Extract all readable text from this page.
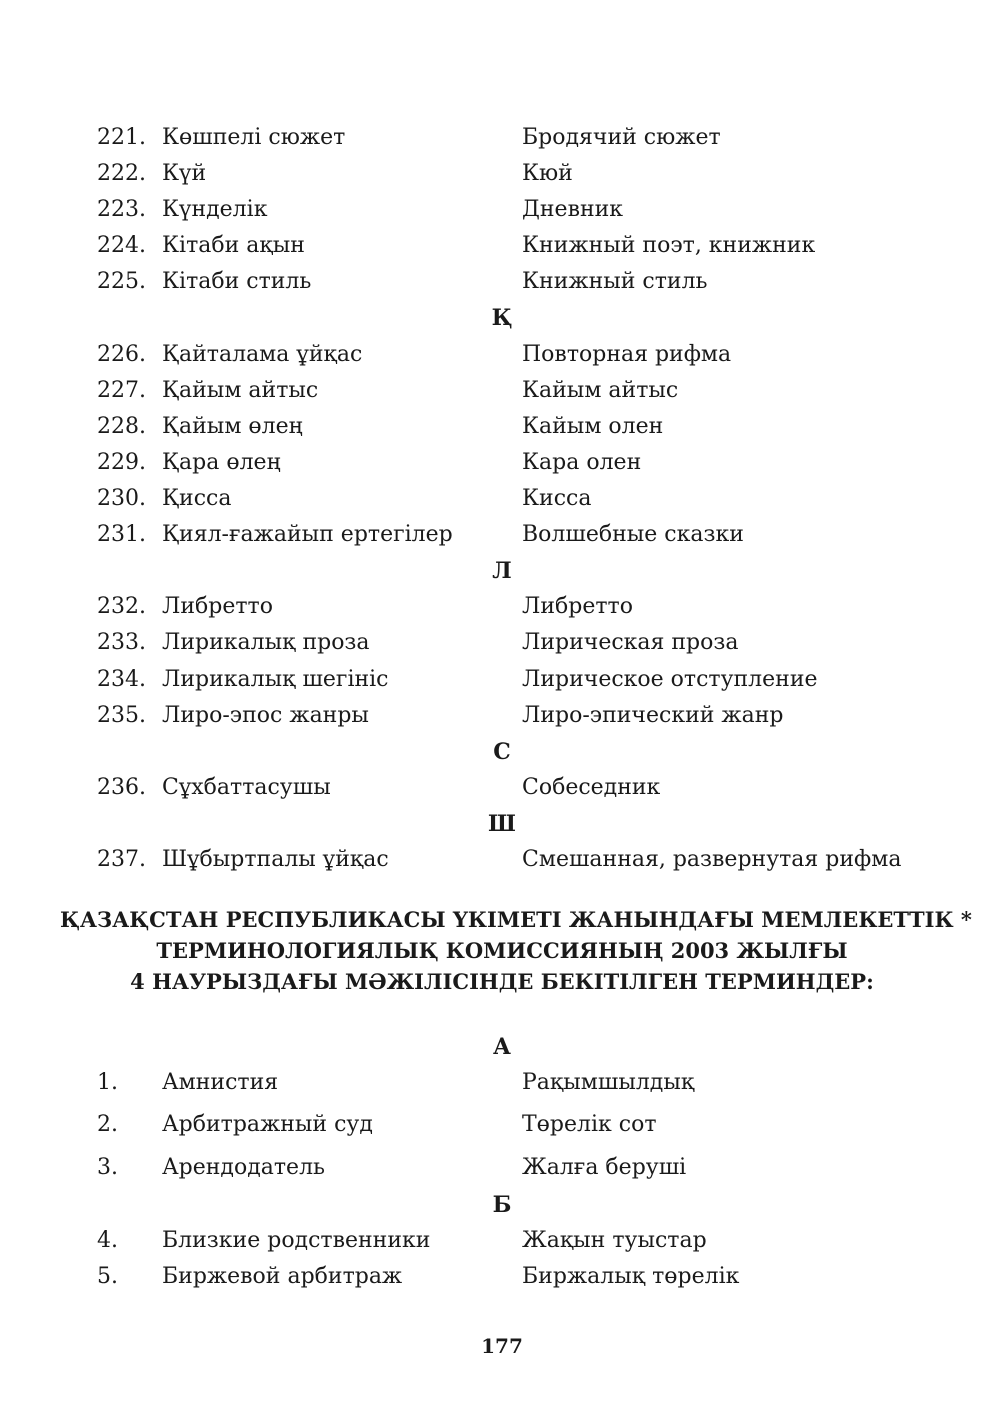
221. Көшпелі сюжет	Бродячий сюжет
222. Күй	Кюй
223. Күнделік	Дневник
224. Кітаби ақын	Книжный поэт, книжник
225. Кітаби стиль	Книжный стиль
Қ
226. Қайталама ұйқас	Повторная рифма
227. Қайым айтыс	Кайым айтыс
228. Қайым өлең	Кайым олен
229. Қара өлең	Кара олен
230. Қисса	Кисса
231. Қиял-ғажайып ертегілер	Волшебные сказки
Л
232. Либретто	Либретто
233. Лирикалық проза	Лирическая проза
234. Лирикалық шегініс	Лирическое отступление
235. Лиро-эпос жанры	Лиро-эпический жанр
С
236. Сұхбаттасушы	Собеседник
Ш
237. Шұбыртпалы ұйқас	Смешанная, развернутая рифма
ҚАЗАҚСТАН РЕСПУБЛИКАСЫ ҮКІМЕТІ ЖАНЫНДАҒЫ МЕМЛЕКЕТТІК *
ТЕРМИНОЛОГИЯЛЫҚ КОМИССИЯНЫҢ 2003 ЖЫЛҒЫ
4 НАУРЫЗДАҒЫ МӘЖІЛІСІНДЕ БЕКІТІЛГЕН ТЕРМИНДЕР:
А
1. Амнистия	Рақымшылдық
2. Арбитражный суд	Төрелік сот
3. Арендодатель	Жалға беруші
Б
4. Близкие родственники	Жақын туыстар
5. Биржевой арбитраж	Биржалық төрелік
177
